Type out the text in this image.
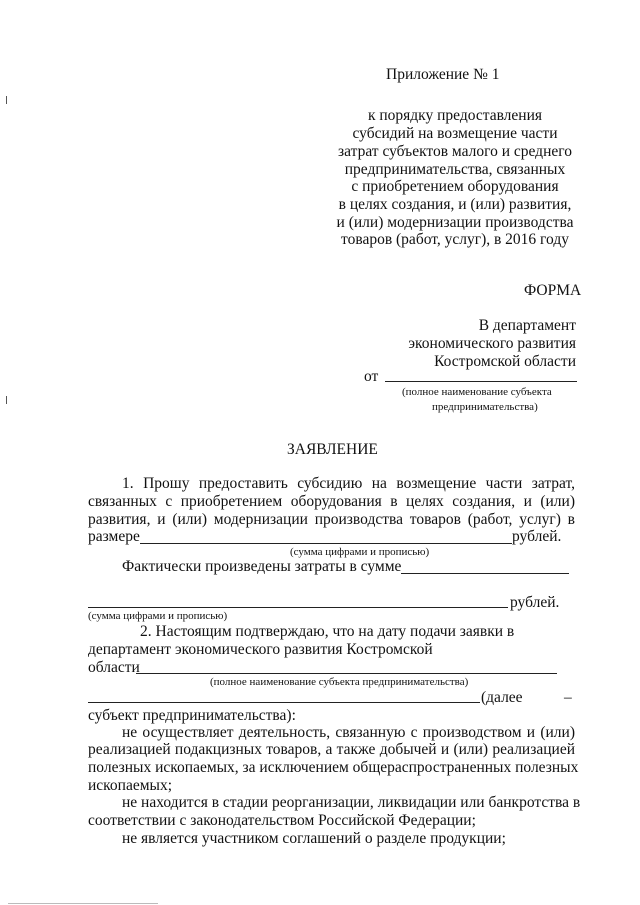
Приложение № 1
к порядку предоставления
субсидий на возмещение части
затрат субъектов малого и среднего
предпринимательства, связанных
с приобретением оборудования
в целях создания, и (или) развития,
и (или) модернизации производства
товаров (работ, услуг), в 2016 году
ФОРМА
В департамент
экономического развития
Костромской области
от
(полное наименование субъекта
предпринимательства)
ЗАЯВЛЕНИЕ
1. Прошу предоставить субсидию на возмещение части затрат,
связанных с приобретением оборудования в целях создания, и (или)
развития, и (или) модернизации производства товаров (работ, услуг) в
размере	рублей.
(сумма цифрами и прописью)
Фактически произведены затраты в сумме
рублей.
(сумма цифрами и прописью)
2. Настоящим подтверждаю, что на дату подачи заявки в
департамент экономического развития Костромской
области
(полное наименование субъекта предпринимательства)
(далее	–
субъект предпринимательства):
не осуществляет деятельность, связанную с производством и (или)
реализацией подакцизных товаров, а также добычей и (или) реализацией
полезных ископаемых, за исключением общераспространенных полезных
ископаемых;
не находится в стадии реорганизации, ликвидации или банкротства в
соответствии с законодательством Российской Федерации;
не является участником соглашений о разделе продукции;
